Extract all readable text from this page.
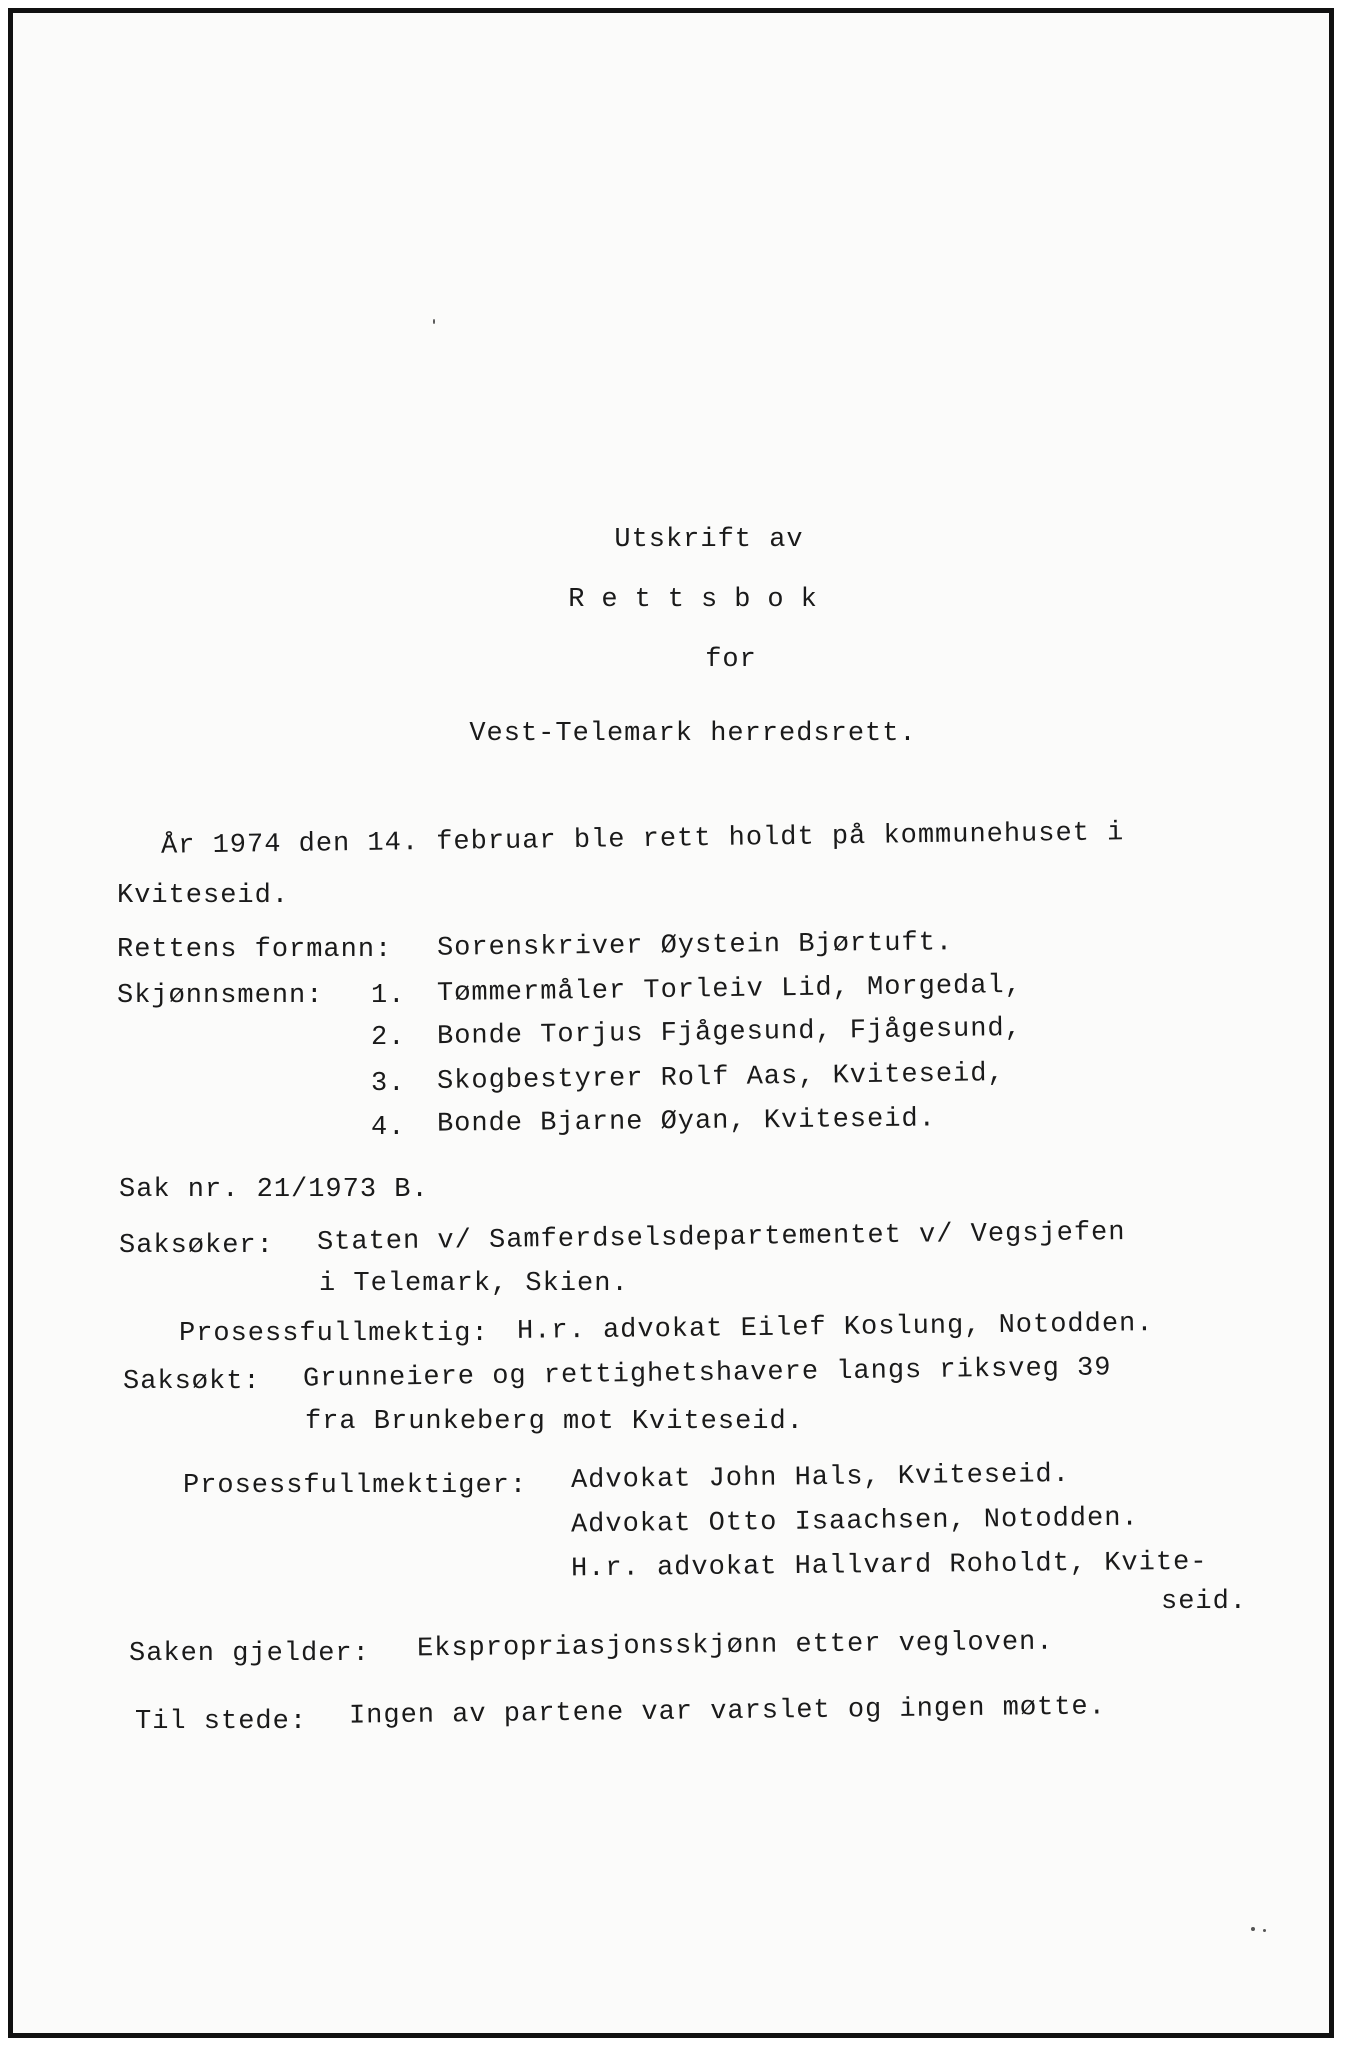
Utskrift av
Rettsbok
for
Vest-Telemark herredsrett.
År 1974 den 14. februar ble rett holdt på kommunehuset i
Kviteseid.
Rettens formann: Sorenskriver Øystein Bjørtuft.
Skjønnsmenn: 1. Tømmermåler Torleiv Lid, Morgedal,
2. Bonde Torjus Fjågesund, Fjågesund,
3. Skogbestyrer Rolf Aas, Kviteseid,
4. Bonde Bjarne Øyan, Kviteseid.
Sak nr. 21/1973 B.
Saksøker: Staten v/ Samferdselsdepartementet v/ Vegsjefen
i Telemark, Skien.
Prosessfullmektig: H.r. advokat Eilef Koslung, Notodden.
Saksøkt: Grunneiere og rettighetshavere langs riksveg 39
fra Brunkeberg mot Kviteseid.
Prosessfullmektiger: Advokat John Hals, Kviteseid.
Advokat Otto Isaachsen, Notodden.
H.r. advokat Hallvard Roholdt, Kvite-
seid.
Saken gjelder: Ekspropriasjonsskjønn etter vegloven.
Til stede: Ingen av partene var varslet og ingen møtte.
